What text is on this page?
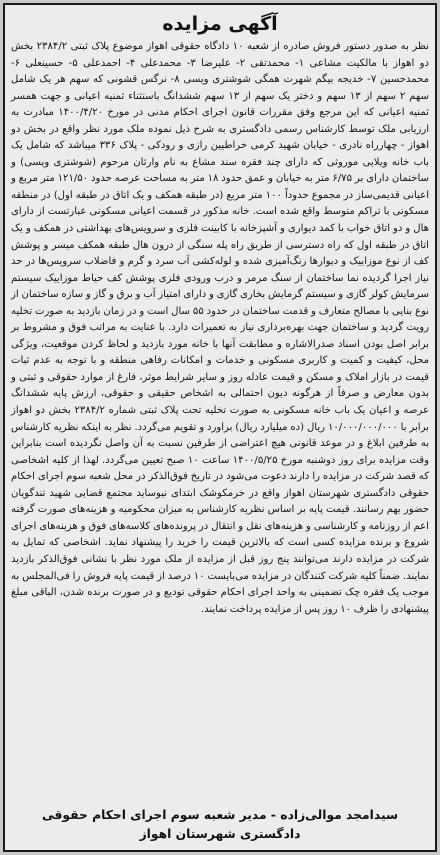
آگهی مزایده
نظر به صدور دستور فروش صادره از شعبه ۱۰ دادگاه حقوقی اهواز موضوع پلاک ثبتی ۲۳۸۴/۲ بخش دو اهواز با مالکیت مشاعی ۱- محمدتقی ۲- علیرضا ۳- محمدعلی ۴- احمدعلی ۵- حسینعلی ۶- محمدحسین ۷- خدیجه بیگم شهرت همگی شوشتری ویسی ۸- نرگس قشونی که سهم هر یک شامل سهم ۲ سهم از ۱۳ سهم و دختر یک سهم از ۱۳ سهم ششدانگ باستثناء ثمنیه اعیانی و جهت همسر ثمنیه اعیانی که این مرجع وفق مقررات قانون اجرای احکام مدنی در مورخ ۱۴۰۰/۴/۲۰ مبادرت به ارزیابی ملک توسط کارشناس رسمی دادگستری به شرح ذیل نموده ملک مورد نظر واقع در بخش دو اهواز - چهارراه نادری - خیابان شهید کرمی خراطیین رازی و رودکی - پلاک ۳۳۶ میباشد که شامل یک باب خانه ویلایی موروثی که دارای چند فقره سند مشاع به نام وارثان مرحوم (شوشتری ویسی) و ساختمان دارای بر ۶/۷۵ متر به خیابان و عمق حدود ۱۸ متر به مساحت عرصه حدود ۱۲۱/۵۰ متر مربع و اعیانی قدیمی‌ساز در مجموع حدوداً ۱۰۰ متر مربع (در طبقه همکف و یک اتاق در طبقه اول) در منطقه مسکونی با تراکم متوسط واقع شده است. خانه مذکور در قسمت اعیانی مسکونی عبارتست از دارای هال و دو اتاق خواب با کمد دیواری و آشپزخانه با کابینت فلزی و سرویس‌های بهداشتی در همکف و یک اتاق در طبقه اول که راه دسترسی از طریق راه پله سنگی از درون هال طبقه همکف میسر و پوشش کف از نوع موزاییک و دیوارها رنگ‌آمیزی شده و لوله‌کشی آب سرد و گرم و فاضلاب سرویس‌ها در حد نیاز اجرا گردیده نما ساختمان از سنگ مرمر و درب ورودی فلزی پوشش کف حیاط موزاییک سیستم سرمایش کولر گازی و سیستم گرمایش بخاری گازی و دارای امتیاز آب و برق و گاز و سازه ساختمان از نوع بنایی با مصالح متعارف و قدمت ساختمان در حدود ۵۵ سال است و در زمان بازدید به صورت تخلیه رویت گردید و ساختمان جهت بهره‌برداری نیاز به تعمیرات دارد. با عنایت به مراتب فوق و مشروط بر برابر اصل بودن اسناد صدرالاشاره و مطابقت آنها با خانه مورد بازدید و لحاظ کردن موقعیت، ویژگی محل، کیفیت و کمیت و کاربری مسکونی و خدمات و امکانات رفاهی منطقه و با توجه به عدم ثبات قیمت در بازار املاک و مسکن و قیمت عادله روز و سایر شرایط موثر، فارغ از موارد حقوقی و ثبتی و بدون معارض و صرفاً از هرگونه دیون احتمالی به اشخاص حقیقی و حقوقی، ارزش پایه ششدانگ عرصه و اعیان یک باب خانه مسکونی به صورت تخلیه تحت پلاک ثبتی شماره ۲۳۸۴/۲ بخش دو اهواز برابر با ۱۰/۰۰۰/۰۰۰/۰۰۰ ریال (ده میلیارد ریال) براورد و تقویم می‌گردد. نظر به اینکه نظریه کارشناس به طرفین ابلاغ و در موعد قانونی هیچ اعتراضی از طرفین نسبت به آن واصل نگردیده است بنابراین وقت مزایده برای روز دوشنبه مورخ ۱۴۰۰/۵/۲۵ ساعت ۱۰ صبح تعیین می‌گردد. لهذا از کلیه اشخاصی که قصد شرکت در مزایده را دارند دعوت می‌شود در تاریخ فوق‌الذکر در محل شعبه سوم اجرای احکام حقوقی دادگستری شهرستان اهواز واقع در خرمکوشک ابتدای نیوساید مجتمع قضایی شهید تندگویان حضور بهم رسانند. قیمت پایه بر اساس نظریه کارشناس به میزان محکومیه و هزینه‌های صورت گرفته اعم از روزنامه و کارشناسی و هزینه‌های نقل و انتقال در پرونده‌های کلاسه‌های فوق و هزینه‌های اجرای شروع و برنده مزایده کسی است که بالاترین قیمت را خرید را پیشنهاد نماید. اشخاصی که تمایل به شرکت در مزایده دارند می‌توانند پنج روز قبل از مزایده از ملک مورد نظر با نشانی فوق‌الذکر بازدید نمایند. ضمناً کلیه شرکت کنندگان در مزایده می‌بایست ۱۰ درصد از قیمت پایه فروش را فی‌المجلس به موجب یک فقره چک تضمینی به واحد اجرای احکام حقوقی تودیع و در صورت برنده شدن، الباقی مبلغ پیشنهادی را ظرف ۱۰ روز پس از مزایده پرداخت نمایند.
سیدامجد موالی‌زاده - مدیر شعبه سوم اجرای احکام حقوقی
دادگستری شهرستان اهواز
